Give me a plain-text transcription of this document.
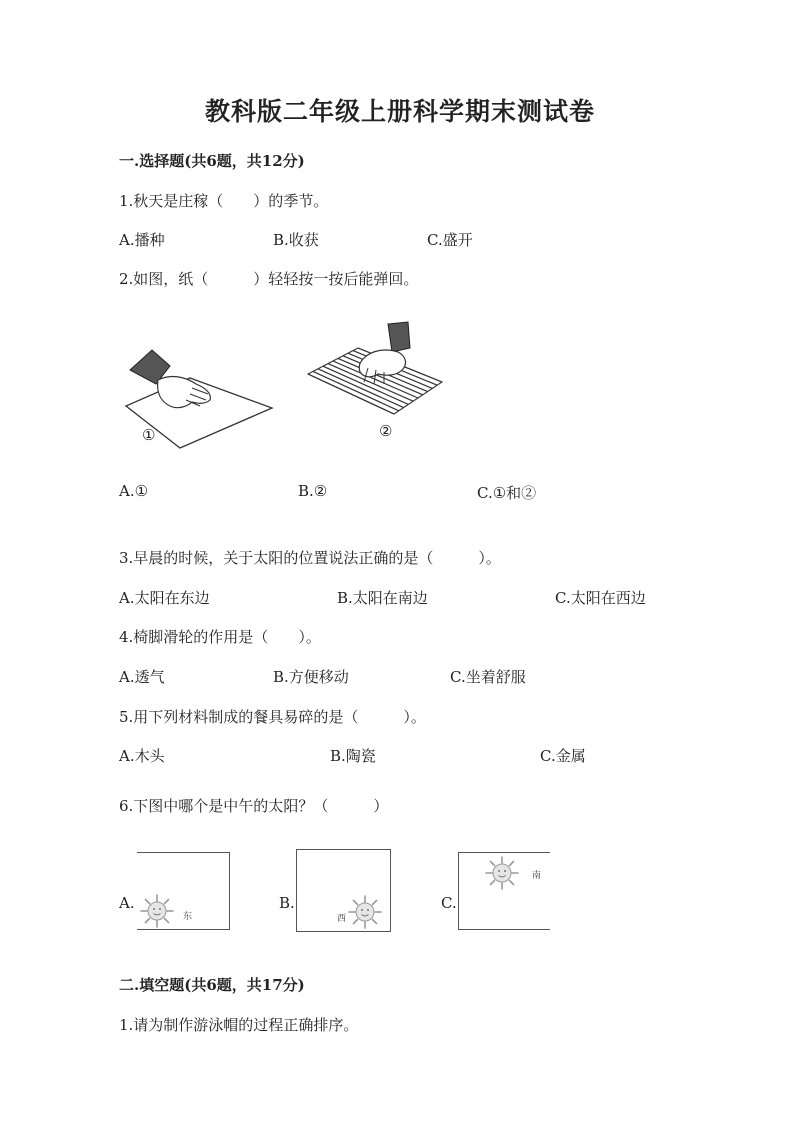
教科版二年级上册科学期末测试卷
一.选择题(共6题，共12分)
1.秋天是庄稼（　　）的季节。
A.播种	B.收获	C.盛开
2.如图，纸（　　　）轻轻按一按后能弹回。
①	②
A.①	B.②	C.①和②
3.早晨的时候，关于太阳的位置说法正确的是（　　　）。
A.太阳在东边	B.太阳在南边	C.太阳在西边
4.椅脚滑轮的作用是（　　）。
A.透气	B.方便移动	C.坐着舒服
5.用下列材料制成的餐具易碎的是（　　　）。
A.木头	B.陶瓷	C.金属
6.下图中哪个是中午的太阳？（　　　）
A.
东
B.
西
C.
南
二.填空题(共6题，共17分)
1.请为制作游泳帽的过程正确排序。
